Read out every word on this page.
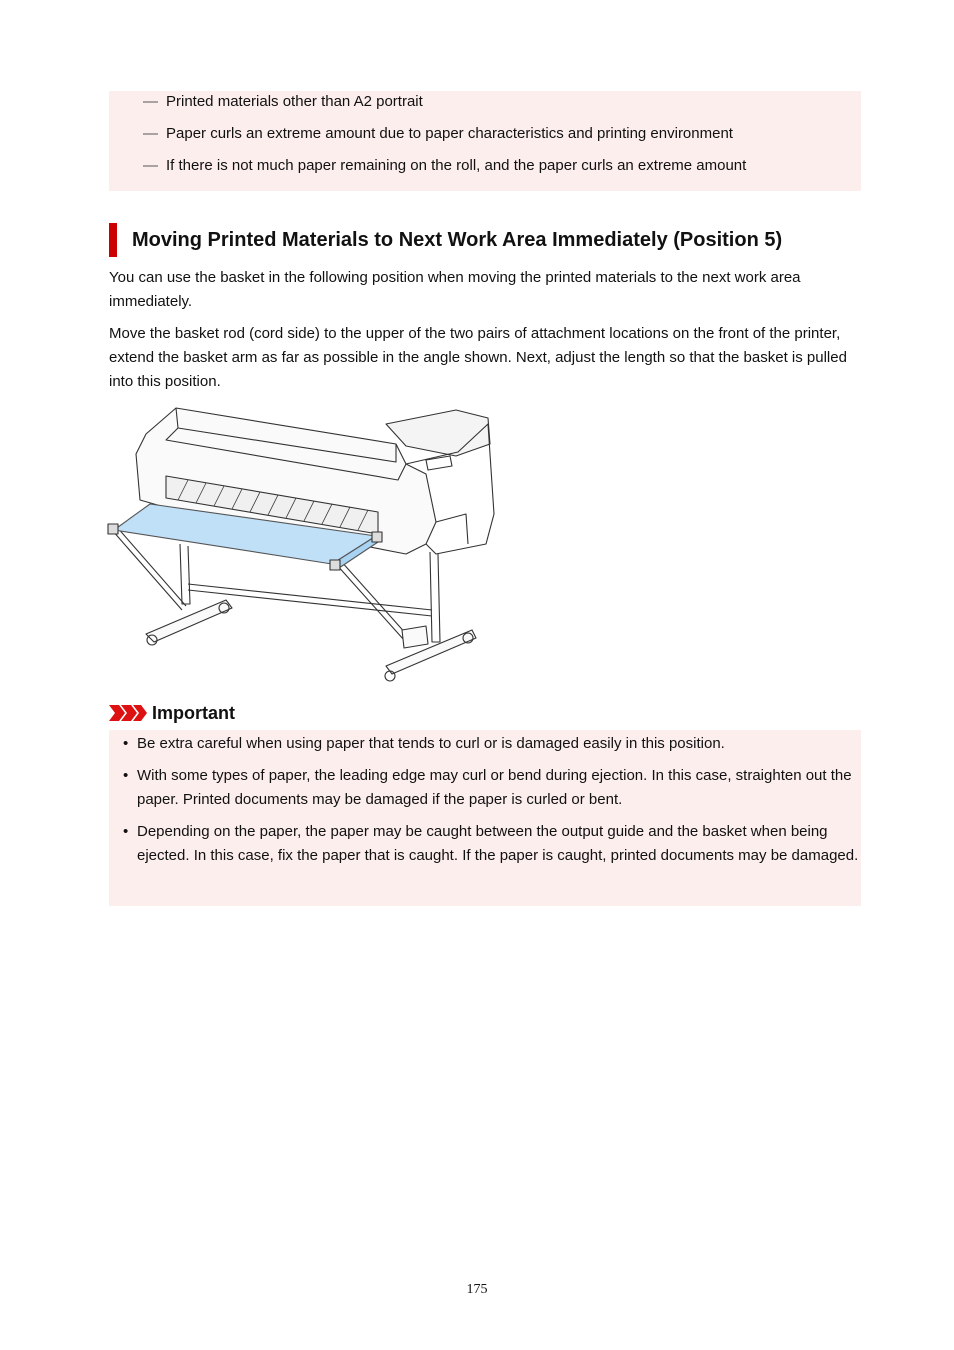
— Printed materials other than A2 portrait
— Paper curls an extreme amount due to paper characteristics and printing environment
— If there is not much paper remaining on the roll, and the paper curls an extreme amount
Moving Printed Materials to Next Work Area Immediately (Position 5)

You can use the basket in the following position when moving the printed materials to the next work area immediately.

Move the basket rod (cord side) to the upper of the two pairs of attachment locations on the front of the printer, extend the basket arm as far as possible in the angle shown. Next, adjust the length so that the basket is pulled into this position.

Important
• Be extra careful when using paper that tends to curl or is damaged easily in this position.
• With some types of paper, the leading edge may curl or bend during ejection. In this case, straighten out the paper. Printed documents may be damaged if the paper is curled or bent.
• Depending on the paper, the paper may be caught between the output guide and the basket when being ejected. In this case, fix the paper that is caught. If the paper is caught, printed documents may be damaged.
175
